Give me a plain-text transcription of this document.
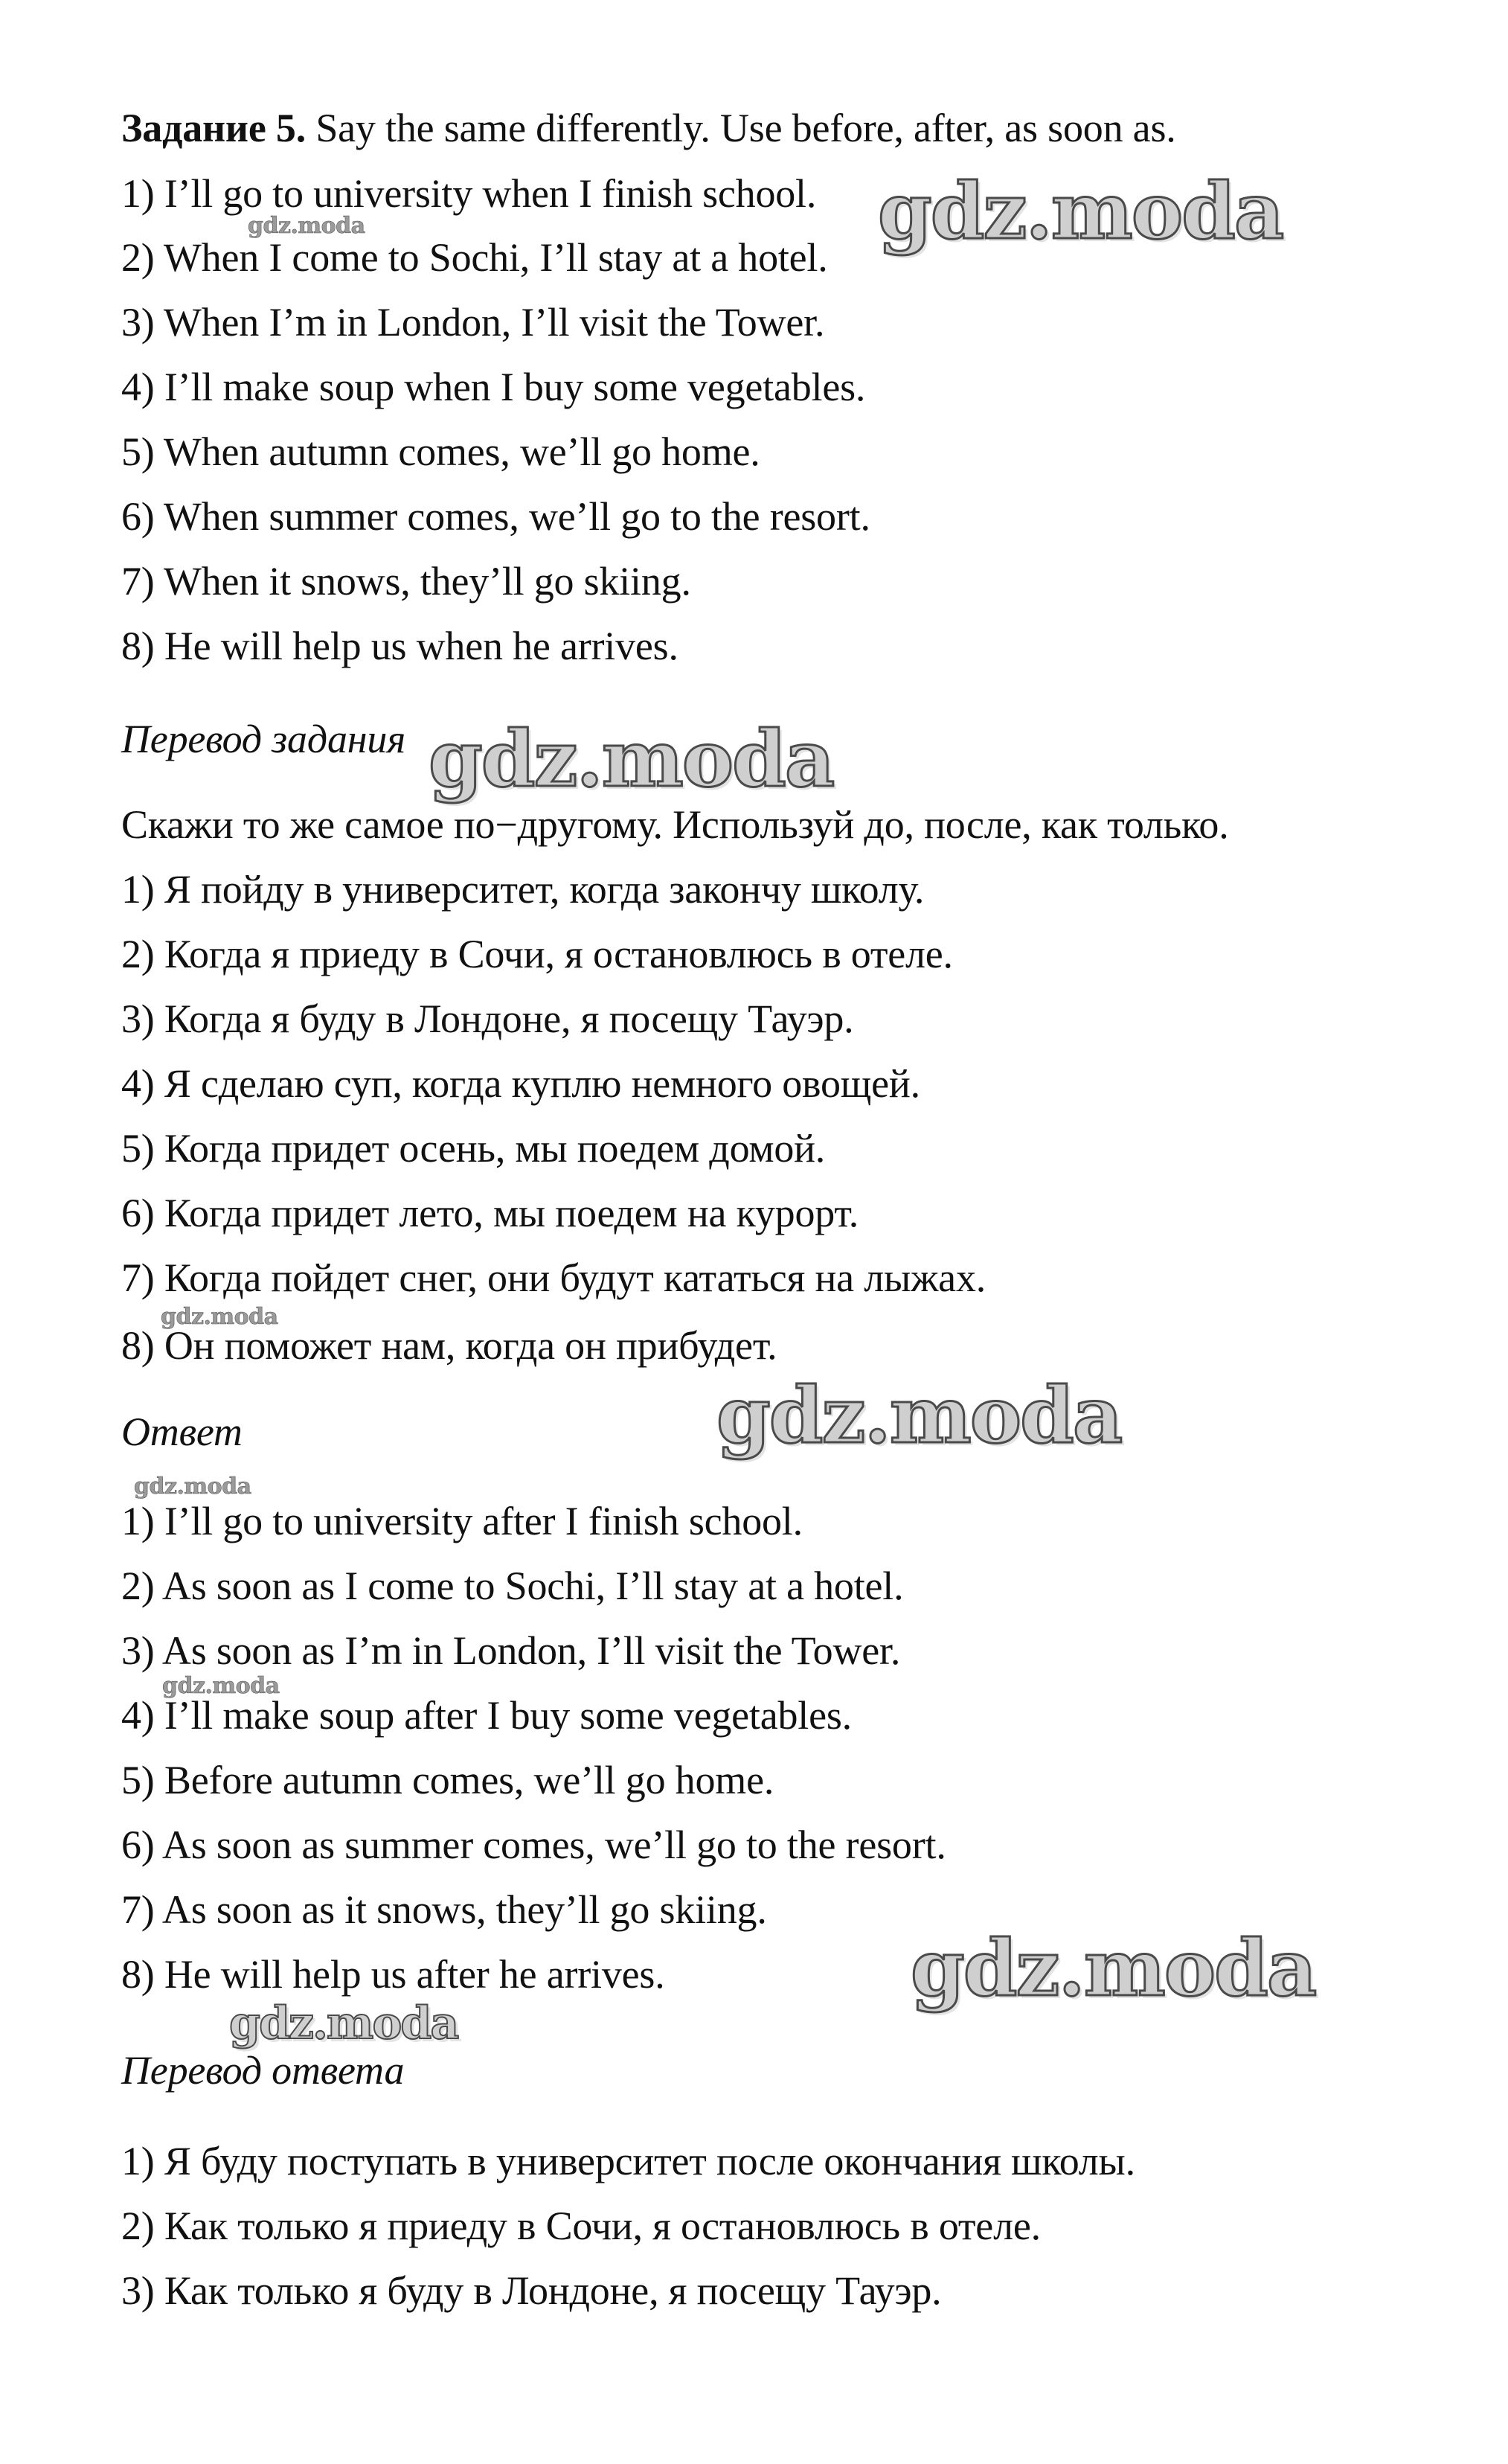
Задание 5. Say the same differently. Use before, after, as soon as.
1) I’ll go to university when I finish school.
2) When I come to Sochi, I’ll stay at a hotel.
3) When I’m in London, I’ll visit the Tower.
4) I’ll make soup when I buy some vegetables.
5) When autumn comes, we’ll go home.
6) When summer comes, we’ll go to the resort.
7) When it snows, they’ll go skiing.
8) He will help us when he arrives.
Перевод задания
Скажи то же самое по−другому. Используй до, после, как только.
1) Я пойду в университет, когда закончу школу.
2) Когда я приеду в Сочи, я остановлюсь в отеле.
3) Когда я буду в Лондоне, я посещу Тауэр.
4) Я сделаю суп, когда куплю немного овощей.
5) Когда придет осень, мы поедем домой.
6) Когда придет лето, мы поедем на курорт.
7) Когда пойдет снег, они будут кататься на лыжах.
8) Он поможет нам, когда он прибудет.
Ответ
1) I’ll go to university after I finish school.
2) As soon as I come to Sochi, I’ll stay at a hotel.
3) As soon as I’m in London, I’ll visit the Tower.
4) I’ll make soup after I buy some vegetables.
5) Before autumn comes, we’ll go home.
6) As soon as summer comes, we’ll go to the resort.
7) As soon as it snows, they’ll go skiing.
8) He will help us after he arrives.
Перевод ответа
1) Я буду поступать в университет после окончания школы.
2) Как только я приеду в Сочи, я остановлюсь в отеле.
3) Как только я буду в Лондоне, я посещу Тауэр.
gdz.moda
gdz.moda
gdz.moda
gdz.moda
gdz.moda
gdz.moda
gdz.moda
gdz.moda
gdz.moda
